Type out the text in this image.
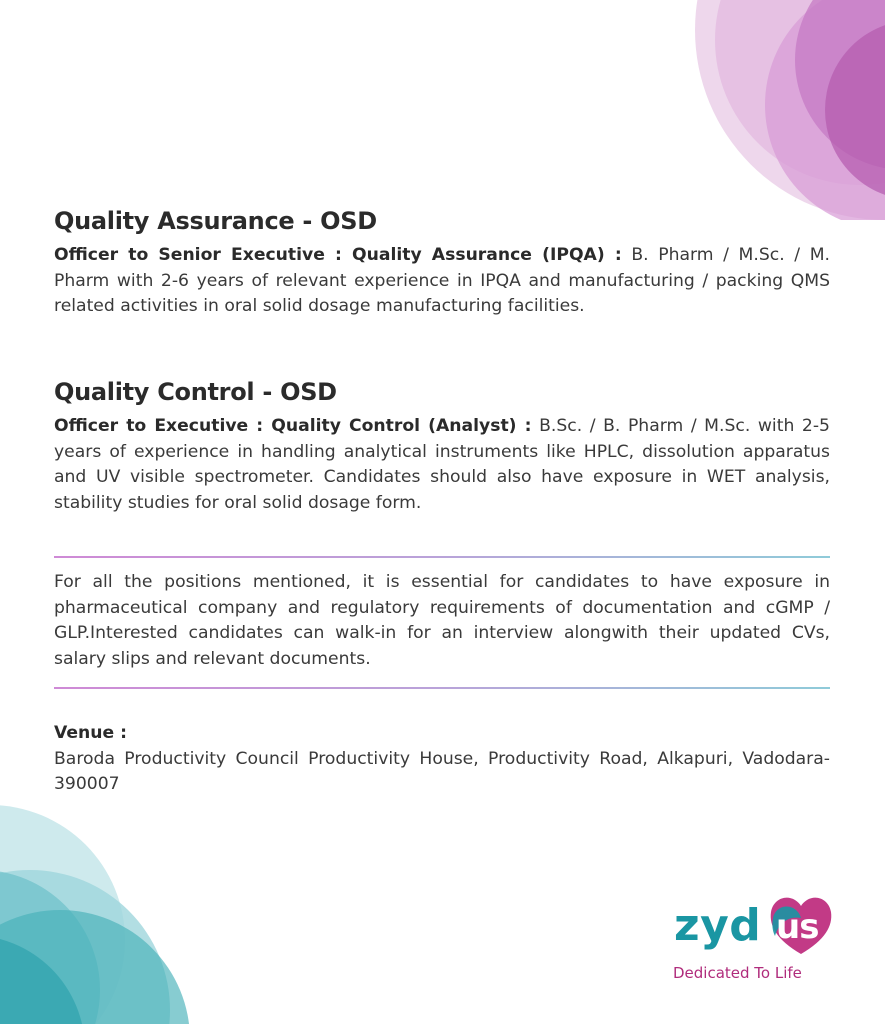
Quality Assurance - OSD

Officer to Senior Executive : Quality Assurance (IPQA) : B. Pharm / M.Sc. / M. Pharm with 2-6 years of relevant experience in IPQA and manufacturing / packing QMS related activities in oral solid dosage manufacturing facilities.

Quality Control - OSD

Officer to Executive : Quality Control (Analyst) : B.Sc. / B. Pharm / M.Sc. with 2-5 years of experience in handling analytical instruments like HPLC, dissolution apparatus and UV visible spectrometer. Candidates should also have exposure in WET analysis, stability studies for oral solid dosage form.

For all the positions mentioned, it is essential for candidates to have exposure in pharmaceutical company and regulatory requirements of documentation and cGMP / GLP.Interested candidates can walk-in for an interview alongwith their updated CVs, salary slips and relevant documents.

Venue :

Baroda Productivity Council Productivity House, Productivity Road, Alkapuri, Vadodara-390007

zyd us
Dedicated To Life
